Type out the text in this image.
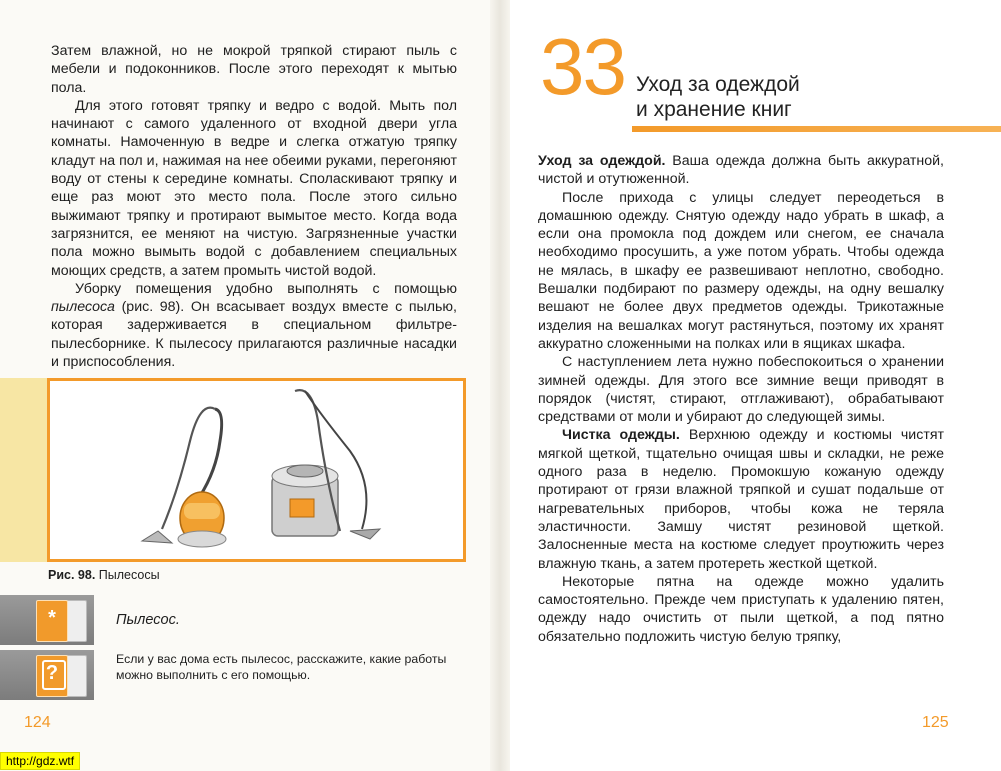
Затем влажной, но не мокрой тряпкой стирают пыль с мебели и подоконников. После этого переходят к мытью пола.

Для этого готовят тряпку и ведро с водой. Мыть пол начинают с самого удаленного от входной двери угла комнаты. Намоченную в ведре и слегка отжатую тряпку кладут на пол и, нажимая на нее обеими руками, перегоняют воду от стены к середине комнаты. Споласкивают тряпку и еще раз моют это место пола. После этого сильно выжимают тряпку и протирают вымытое место. Когда вода загрязнится, ее меняют на чистую. Загрязненные участки пола можно вымыть водой с добавлением специальных моющих средств, а затем промыть чистой водой.

Уборку помещения удобно выполнять с помощью пылесоса (рис. 98). Он всасывает воздух вместе с пылью, которая задерживается в специальном фильтре-пылесборнике. К пылесосу прилагаются различные насадки и приспособления.

Рис. 98. Пылесосы
*	Пылесос.
?
Если у вас дома есть пылесос, расскажите, какие работы можно выполнить с его помощью.
124
http://gdz.wtf
33 Уход за одеждой
и хранение книг

Уход за одеждой. Ваша одежда должна быть аккуратной, чистой и отутюженной.

После прихода с улицы следует переодеться в домашнюю одежду. Снятую одежду надо убрать в шкаф, а если она промокла под дождем или снегом, ее сначала необходимо просушить, а уже потом убрать. Чтобы одежда не мялась, в шкафу ее развешивают неплотно, свободно. Вешалки подбирают по размеру одежды, на одну вешалку вешают не более двух предметов одежды. Трикотажные изделия на вешалках могут растянуться, поэтому их хранят аккуратно сложенными на полках или в ящиках шкафа.

С наступлением лета нужно побеспокоиться о хранении зимней одежды. Для этого все зимние вещи приводят в порядок (чистят, стирают, отглаживают), обрабатывают средствами от моли и убирают до следующей зимы.

Чистка одежды. Верхнюю одежду и костюмы чистят мягкой щеткой, тщательно очищая швы и складки, не реже одного раза в неделю. Промокшую кожаную одежду протирают от грязи влажной тряпкой и сушат подальше от нагревательных приборов, чтобы кожа не теряла эластичности. Замшу чистят резиновой щеткой. Залосненные места на костюме следует проутюжить через влажную ткань, а затем протереть жесткой щеткой.

Некоторые пятна на одежде можно удалить самостоятельно. Прежде чем приступать к удалению пятен, одежду надо очистить от пыли щеткой, а под пятно обязательно подложить чистую белую тряпку,

125
